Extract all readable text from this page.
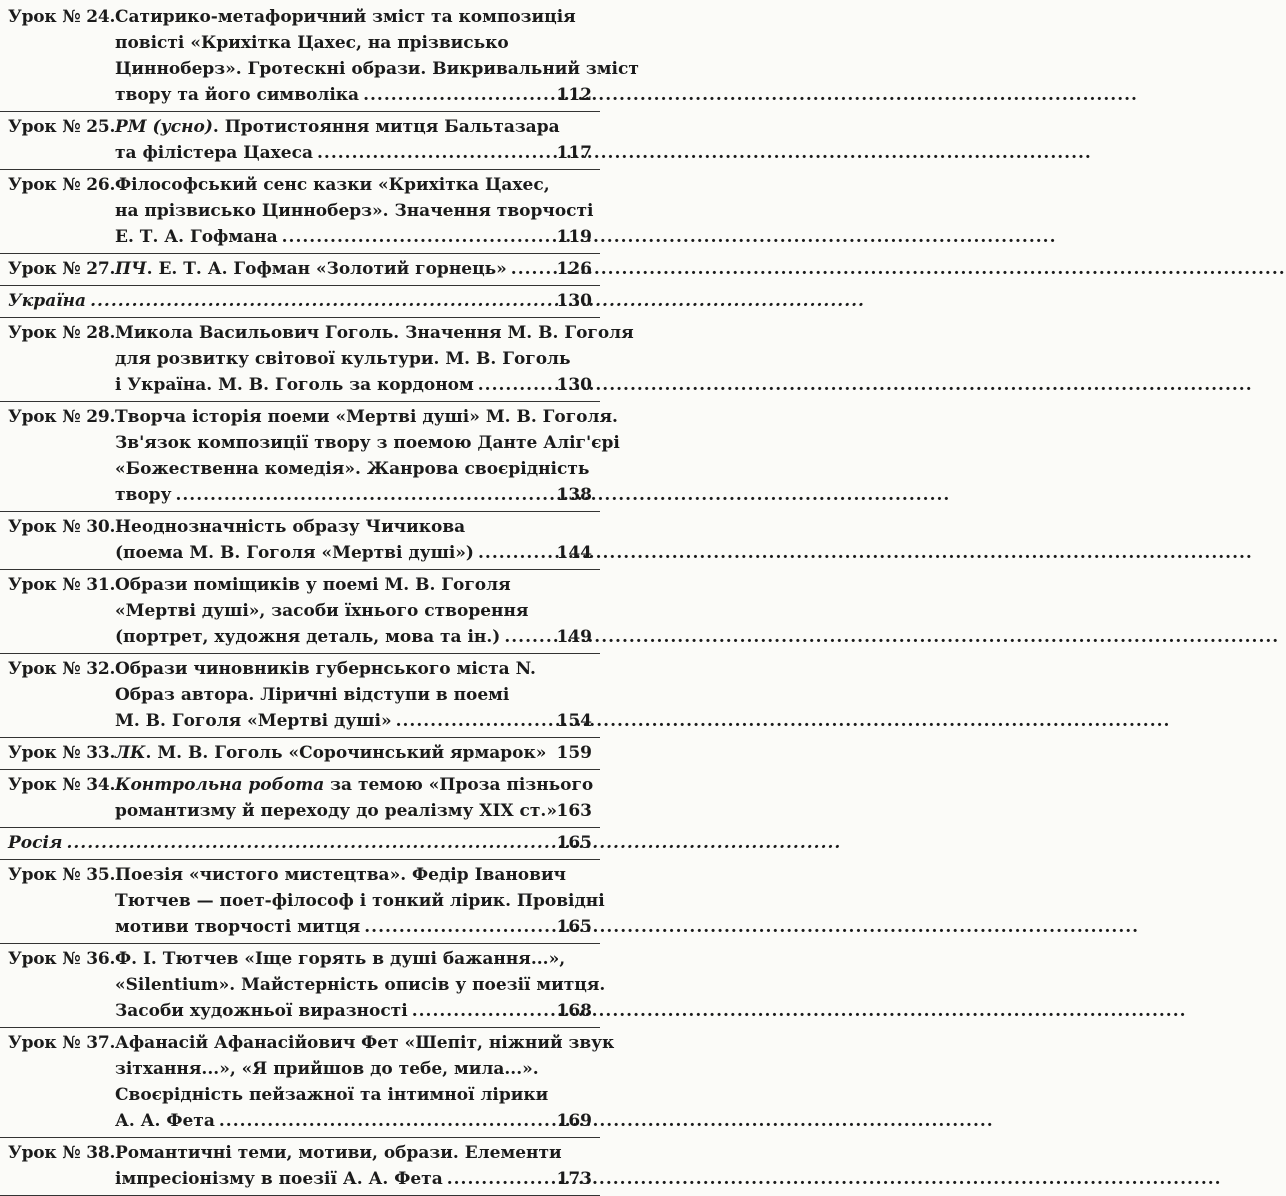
Урок № 24. Сатирико-метафоричний зміст та композиція
повісті «Крихітка Цахес, на прізвисько
Цинноберз». Гротескні образи. Викривальний зміст
твору та його символіка .....	112
Урок № 25. РМ (усно). Протистояння митця Бальтазара
та філістера Цахеса .....	117
Урок № 26. Філософський сенс казки «Крихітка Цахес,
на прізвисько Цинноберз». Значення творчості
Е. Т. А. Гофмана .....	119
Урок № 27. ПЧ. Е. Т. А. Гофман «Золотий горнець» .....	126
Україна .....	130
Урок № 28. Микола Васильович Гоголь. Значення М. В. Гоголя
для розвитку світової культури. М. В. Гоголь
і Україна. М. В. Гоголь за кордоном .....	130
Урок № 29. Творча історія поеми «Мертві душі» М. В. Гоголя.
Зв'язок композиції твору з поемою Данте Аліг'єрі
«Божественна комедія». Жанрова своєрідність
твору .....	138
Урок № 30. Неоднозначність образу Чичикова
(поема М. В. Гоголя «Мертві душі») .....	144
Урок № 31. Образи поміщиків у поемі М. В. Гоголя
«Мертві душі», засоби їхнього створення
(портрет, художня деталь, мова та ін.) .....	149
Урок № 32. Образи чиновників губернського міста N.
Образ автора. Ліричні відступи в поемі
М. В. Гоголя «Мертві душі» .....	154
Урок № 33. ЛК. М. В. Гоголь «Сорочинський ярмарок» 159
Урок № 34. Контрольна робота за темою «Проза пізнього
романтизму й переходу до реалізму XIX ст.» 163
Росія .....	165
Урок № 35. Поезія «чистого мистецтва». Федір Іванович
Тютчев — поет-філософ і тонкий лірик. Провідні
мотиви творчості митця .....	165
Урок № 36. Ф. І. Тютчев «Іще горять в душі бажання...»,
«Silentium». Майстерність описів у поезії митця.
Засоби художньої виразності .....	168
Урок № 37. Афанасій Афанасійович Фет «Шепіт, ніжний звук
зітхання...», «Я прийшов до тебе, мила...».
Своєрідність пейзажної та інтимної лірики
А. А. Фета .....	169
Урок № 38. Романтичні теми, мотиви, образи. Елементи
імпресіонізму в поезії А. А. Фета .....	173
